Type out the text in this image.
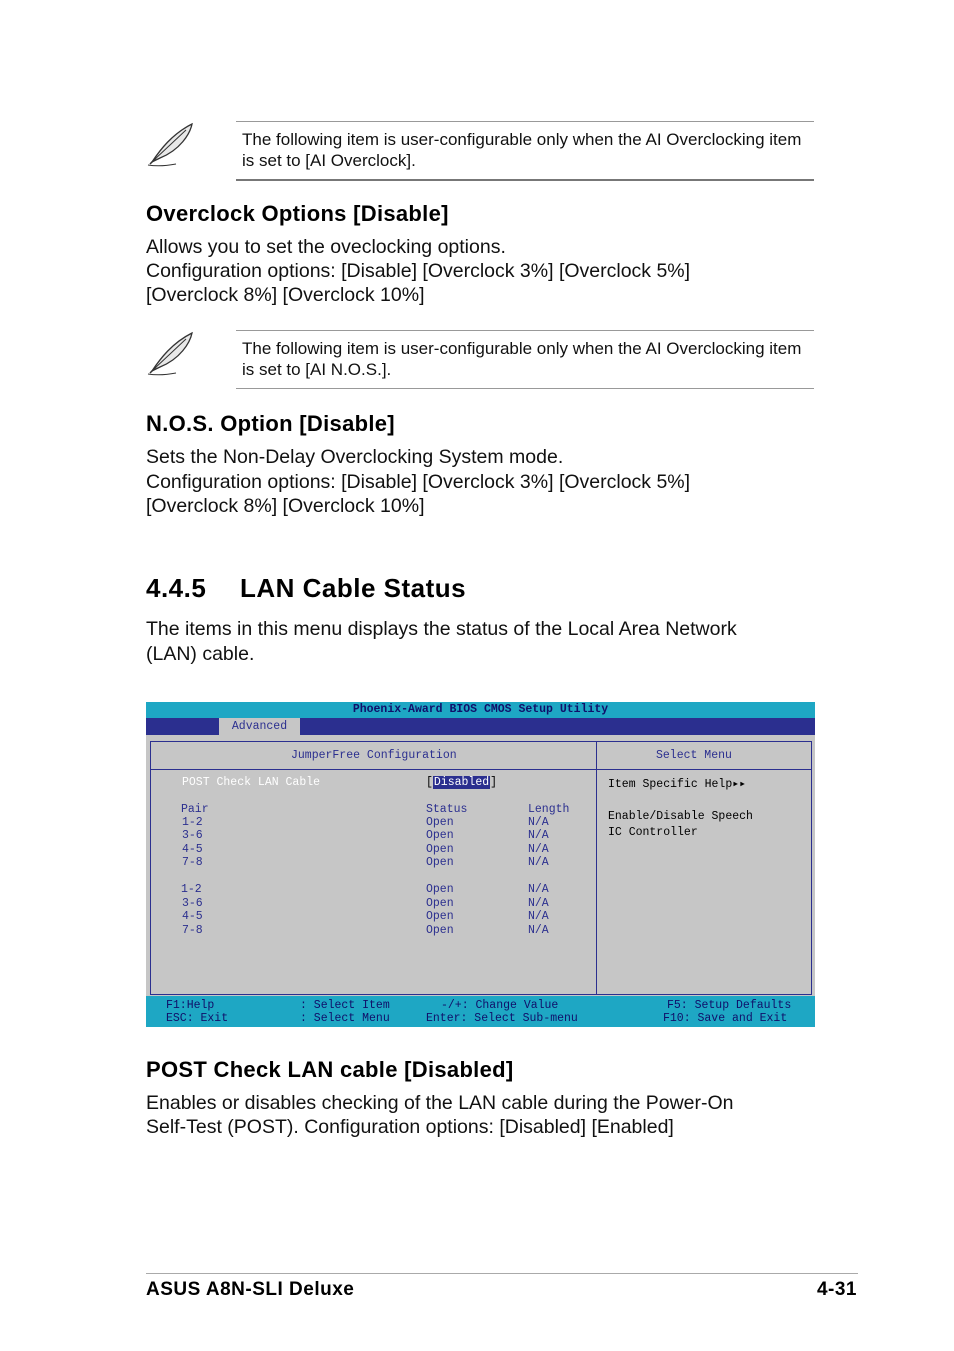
The following item is user-configurable only when the AI Overclocking item is set to [AI Overclock].
Overclock Options [Disable]
Allows you to set the oveclocking options.
Configuration options: [Disable] [Overclock 3%] [Overclock 5%]
[Overclock 8%] [Overclock 10%]
The following item is user-configurable only when the AI Overclocking item is set to [AI N.O.S.].
N.O.S. Option [Disable]
Sets the Non-Delay Overclocking System mode.
Configuration options: [Disable] [Overclock 3%] [Overclock 5%]
[Overclock 8%] [Overclock 10%]
4.4.5 LAN Cable Status
The items in this menu displays the status of the Local Area Network
(LAN) cable.
Phoenix-Award BIOS CMOS Setup Utility
Advanced
JumperFree Configuration	Select Menu
POST Check LAN Cable	[Disabled]
Pair	Status	Length
1-2	Open	N/A
3-6	Open	N/A
4-5	Open	N/A
7-8	Open	N/A
1-2	Open	N/A
3-6	Open	N/A
4-5	Open	N/A
7-8	Open	N/A
Item Specific Help▸▸
Enable/Disable Speech
IC Controller
F1:Help	: Select Item	-/+: Change Value	F5: Setup Defaults
ESC: Exit	: Select Menu	Enter: Select Sub-menu	F10: Save and Exit
POST Check LAN cable [Disabled]
Enables or disables checking of the LAN cable during the Power-On
Self-Test (POST). Configuration options: [Disabled] [Enabled]
ASUS A8N-SLI Deluxe	4-31
